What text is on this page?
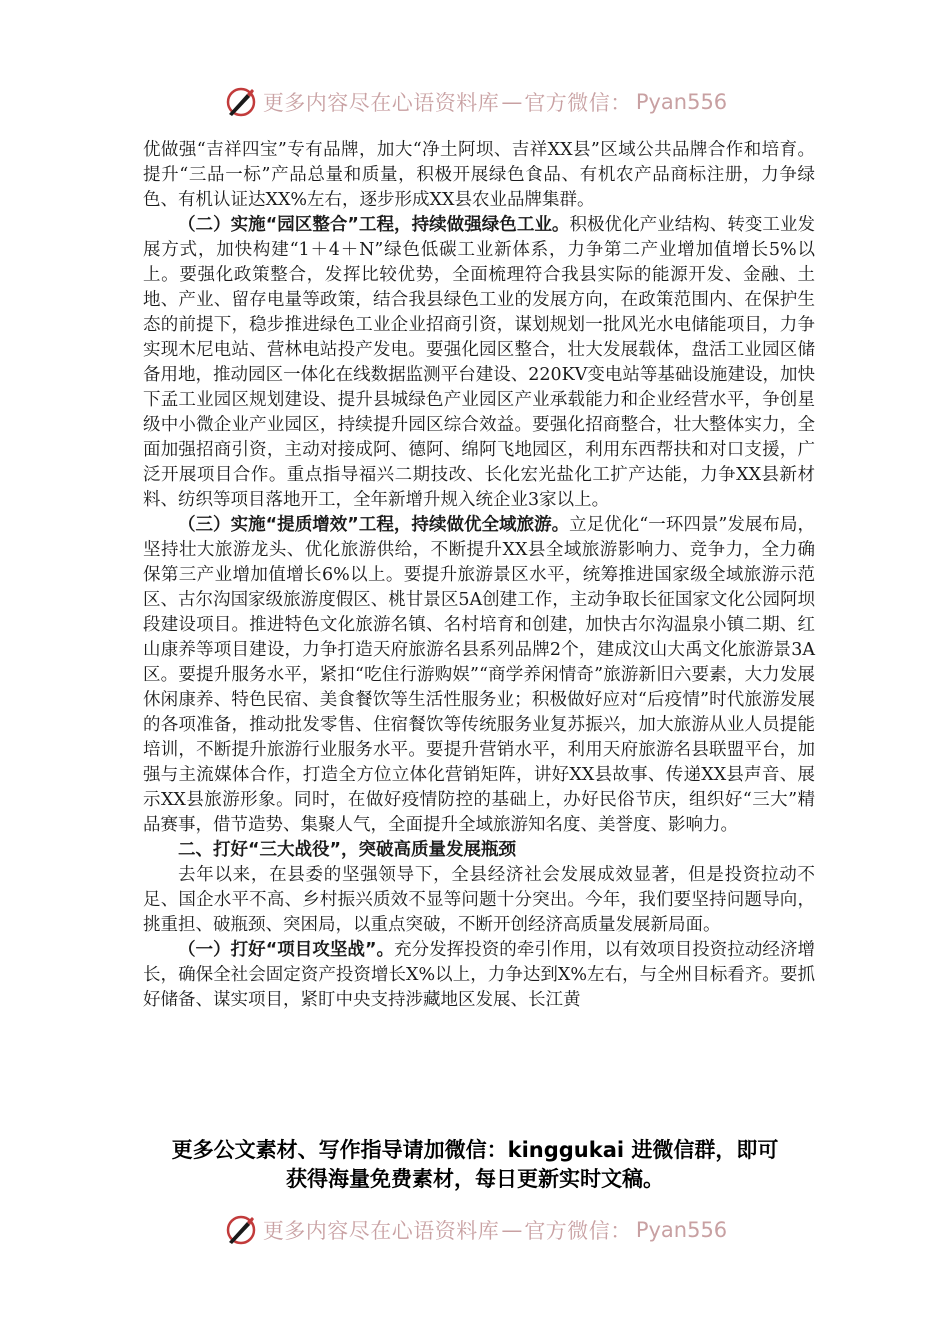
更多内容尽在心语资料库 — 官方微信： Pyan556

优做强“吉祥四宝”专有品牌，加大“净土阿坝、吉祥XX县”区域公共品牌合作和培育。提升“三品一标”产品总量和质量，积极开展绿色食品、有机农产品商标注册，力争绿色、有机认证达XX%左右，逐步形成XX县农业品牌集群。

（二）实施“园区整合”工程，持续做强绿色工业。积极优化产业结构、转变工业发展方式，加快构建“1＋4＋N”绿色低碳工业新体系，力争第二产业增加值增长5%以上。要强化政策整合，发挥比较优势，全面梳理符合我县实际的能源开发、金融、土地、产业、留存电量等政策，结合我县绿色工业的发展方向，在政策范围内、在保护生态的前提下，稳步推进绿色工业企业招商引资，谋划规划一批风光水电储能项目，力争实现木尼电站、营林电站投产发电。要强化园区整合，壮大发展载体，盘活工业园区储备用地，推动园区一体化在线数据监测平台建设、220KV变电站等基础设施建设，加快下孟工业园区规划建设、提升县城绿色产业园区产业承载能力和企业经营水平，争创星级中小微企业产业园区，持续提升园区综合效益。要强化招商整合，壮大整体实力，全面加强招商引资，主动对接成阿、德阿、绵阿飞地园区，利用东西帮扶和对口支援，广泛开展项目合作。重点指导福兴二期技改、长化宏光盐化工扩产达能，力争XX县新材料、纺织等项目落地开工，全年新增升规入统企业3家以上。

（三）实施“提质增效”工程，持续做优全域旅游。立足优化“一环四景”发展布局，坚持壮大旅游龙头、优化旅游供给，不断提升XX县全域旅游影响力、竞争力，全力确保第三产业增加值增长6%以上。要提升旅游景区水平，统筹推进国家级全域旅游示范区、古尔沟国家级旅游度假区、桃甘景区5A创建工作，主动争取长征国家文化公园阿坝段建设项目。推进特色文化旅游名镇、名村培育和创建，加快古尔沟温泉小镇二期、红山康养等项目建设，力争打造天府旅游名县系列品牌2个，建成汶山大禹文化旅游景3A区。要提升服务水平，紧扣“吃住行游购娱”“商学养闲情奇”旅游新旧六要素，大力发展休闲康养、特色民宿、美食餐饮等生活性服务业；积极做好应对“后疫情”时代旅游发展的各项准备，推动批发零售、住宿餐饮等传统服务业复苏振兴，加大旅游从业人员提能培训，不断提升旅游行业服务水平。要提升营销水平，利用天府旅游名县联盟平台，加强与主流媒体合作，打造全方位立体化营销矩阵，讲好XX县故事、传递XX县声音、展示XX县旅游形象。同时，在做好疫情防控的基础上，办好民俗节庆，组织好“三大”精品赛事，借节造势、集聚人气，全面提升全域旅游知名度、美誉度、影响力。

二、打好“三大战役”，突破高质量发展瓶颈

去年以来，在县委的坚强领导下，全县经济社会发展成效显著，但是投资拉动不足、国企水平不高、乡村振兴质效不显等问题十分突出。今年，我们要坚持问题导向，挑重担、破瓶颈、突困局，以重点突破，不断开创经济高质量发展新局面。

（一）打好“项目攻坚战”。充分发挥投资的牵引作用，以有效项目投资拉动经济增长，确保全社会固定资产投资增长X%以上，力争达到X%左右，与全州目标看齐。要抓好储备、谋实项目，紧盯中央支持涉藏地区发展、长江黄

更多公文素材、写作指导请加微信：kinggukai 进微信群，即可
获得海量免费素材，每日更新实时文稿。
更多内容尽在心语资料库 — 官方微信： Pyan556
